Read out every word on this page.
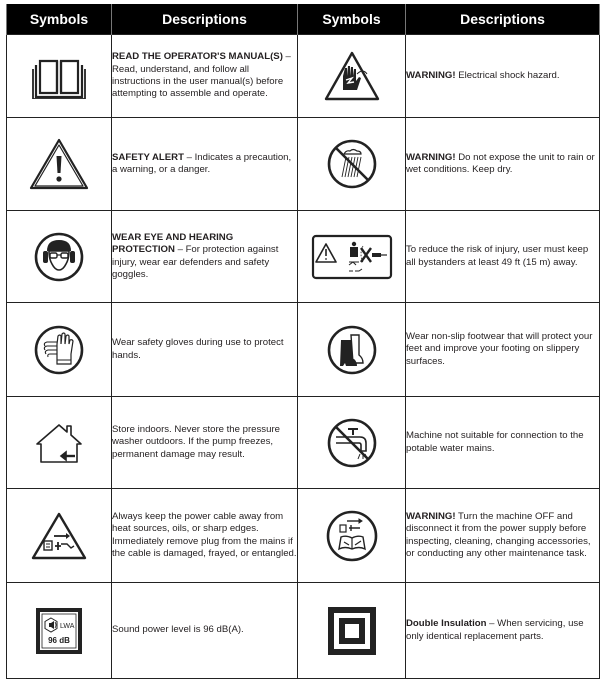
Symbols	Descriptions	Symbols	Descriptions

	READ THE OPERATOR'S MANUAL(S) – Read, understand, and follow all instructions in the user manual(s) before attempting to assemble and operate.		WARNING! Electrical shock hazard.

	SAFETY ALERT – Indicates a precaution, a warning, or a danger.		WARNING! Do not expose the unit to rain or wet conditions. Keep dry.

	WEAR EYE AND HEARING PROTECTION – For protection against injury, wear ear defenders and safety goggles.		To reduce the risk of injury, user must keep all bystanders at least 49 ft (15 m) away.

	Wear safety gloves during use to protect hands.		Wear non-slip footwear that will protect your feet and improve your footing on slippery surfaces.

	Store indoors. Never store the pressure washer outdoors. If the pump freezes, permanent damage may result.		Machine not suitable for connection to the potable water mains.

	Always keep the power cable away from heat sources, oils, or sharp edges. Immediately remove plug from the mains if the cable is damaged, frayed, or entangled.		WARNING! Turn the machine OFF and disconnect it from the power supply before inspecting, cleaning, changing accessories, or conducting any other maintenance task.

LWA
96 dB	Sound power level is 96 dB(A).		Double Insulation – When servicing, use only identical replacement parts.
